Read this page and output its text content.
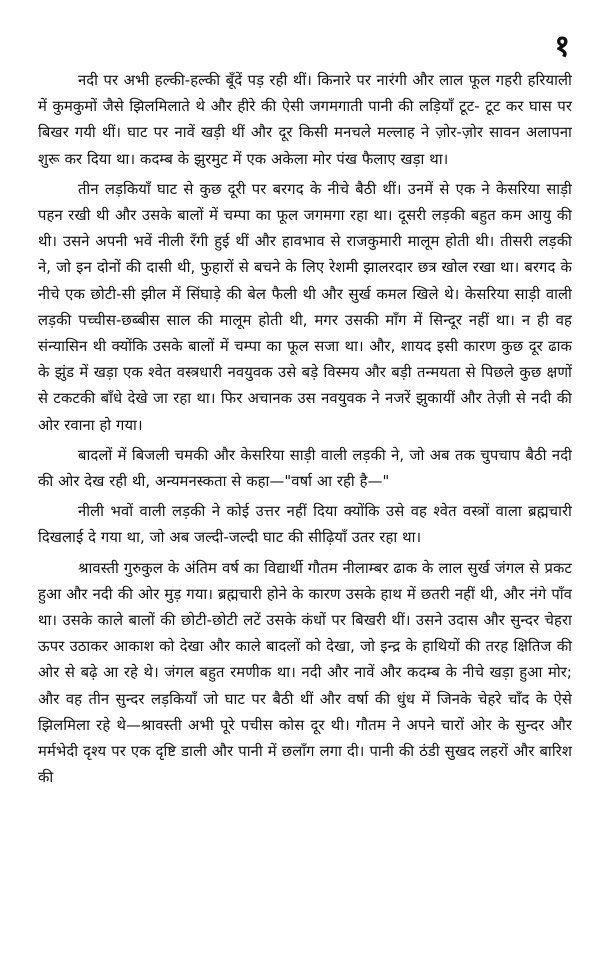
१

नदी पर अभी हल्की-हल्की बूँदें पड़ रही थीं। किनारे पर नारंगी और लाल फूल गहरी हरियाली में कुमकुमों जैसे झिलमिलाते थे और हीरे की ऐसी जगमगाती पानी की लड़ियाँ टूट- टूट कर घास पर बिखर गयी थीं। घाट पर नावें खड़ी थीं और दूर किसी मनचले मल्लाह ने ज़ोर-ज़ोर सावन अलापना शुरू कर दिया था। कदम्ब के झुरमुट में एक अकेला मोर पंख फैलाए खड़ा था।

तीन लड़कियाँ घाट से कुछ दूरी पर बरगद के नीचे बैठी थीं। उनमें से एक ने केसरिया साड़ी पहन रखी थी और उसके बालों में चम्पा का फूल जगमगा रहा था। दूसरी लड़की बहुत कम आयु की थी। उसने अपनी भवें नीली रँगी हुई थीं और हावभाव से राजकुमारी मालूम होती थी। तीसरी लड़की ने, जो इन दोनों की दासी थी, फुहारों से बचने के लिए रेशमी झालरदार छत्र खोल रखा था। बरगद के नीचे एक छोटी-सी झील में सिंघाड़े की बेल फैली थी और सुर्ख कमल खिले थे। केसरिया साड़ी वाली लड़की पच्चीस-छब्बीस साल की मालूम होती थी, मगर उसकी माँग में सिन्दूर नहीं था। न ही वह संन्यासिन थी क्योंकि उसके बालों में चम्पा का फूल सजा था। और, शायद इसी कारण कुछ दूर ढाक के झुंड में खड़ा एक श्वेत वस्त्रधारी नवयुवक उसे बड़े विस्मय और बड़ी तन्मयता से पिछले कुछ क्षणों से टकटकी बाँधे देखे जा रहा था। फिर अचानक उस नवयुवक ने नजरें झुकायीं और तेज़ी से नदी की ओर रवाना हो गया।

बादलों में बिजली चमकी और केसरिया साड़ी वाली लड़की ने, जो अब तक चुपचाप बैठी नदी की ओर देख रही थी, अन्यमनस्कता से कहा—"वर्षा आ रही है—"

नीली भवों वाली लड़की ने कोई उत्तर नहीं दिया क्योंकि उसे वह श्वेत वस्त्रों वाला ब्रह्मचारी दिखलाई दे गया था, जो अब जल्दी-जल्दी घाट की सीढ़ियाँ उतर रहा था।

श्रावस्ती गुरुकुल के अंतिम वर्ष का विद्यार्थी गौतम नीलाम्बर ढाक के लाल सुर्ख जंगल से प्रकट हुआ और नदी की ओर मुड़ गया। ब्रह्मचारी होने के कारण उसके हाथ में छतरी नहीं थी, और नंगे पाँव था। उसके काले बालों की छोटी-छोटी लटें उसके कंधों पर बिखरी थीं। उसने उदास और सुन्दर चेहरा ऊपर उठाकर आकाश को देखा और काले बादलों को देखा, जो इन्द्र के हाथियों की तरह क्षितिज की ओर से बढ़े आ रहे थे। जंगल बहुत रमणीक था। नदी और नावें और कदम्ब के नीचे खड़ा हुआ मोर; और वह तीन सुन्दर लड़कियाँ जो घाट पर बैठी थीं और वर्षा की धुंध में जिनके चेहरे चाँद के ऐसे झिलमिला रहे थे—श्रावस्ती अभी पूरे पचीस कोस दूर थी। गौतम ने अपने चारों ओर के सुन्दर और मर्मभेदी दृश्य पर एक दृष्टि डाली और पानी में छलाँग लगा दी। पानी की ठंडी सुखद लहरों और बारिश की
